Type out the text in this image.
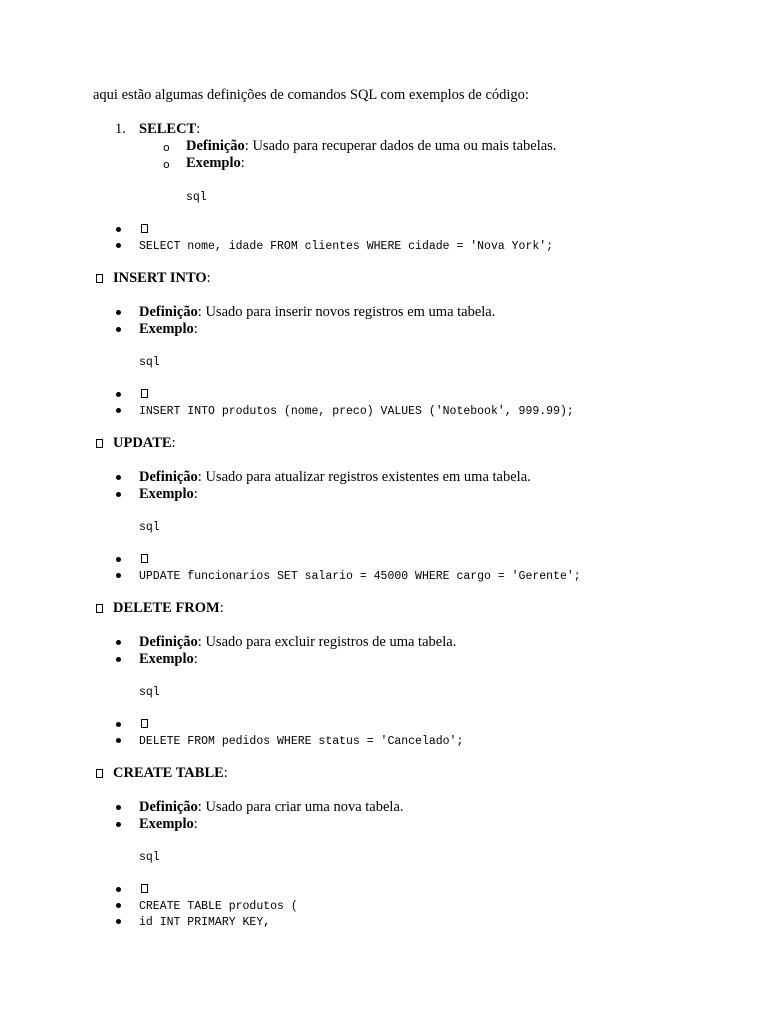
aqui estão algumas definições de comandos SQL com exemplos de código:
1. SELECT:
o Definição: Usado para recuperar dados de uma ou mais tabelas.
o Exemplo:
sql
SELECT nome, idade FROM clientes WHERE cidade = 'Nova York';
INSERT INTO:
Definição: Usado para inserir novos registros em uma tabela.
Exemplo:
sql
INSERT INTO produtos (nome, preco) VALUES ('Notebook', 999.99);
UPDATE:
Definição: Usado para atualizar registros existentes em uma tabela.
Exemplo:
sql
UPDATE funcionarios SET salario = 45000 WHERE cargo = 'Gerente';
DELETE FROM:
Definição: Usado para excluir registros de uma tabela.
Exemplo:
sql
DELETE FROM pedidos WHERE status = 'Cancelado';
CREATE TABLE:
Definição: Usado para criar uma nova tabela.
Exemplo:
sql
CREATE TABLE produtos (
id INT PRIMARY KEY,
